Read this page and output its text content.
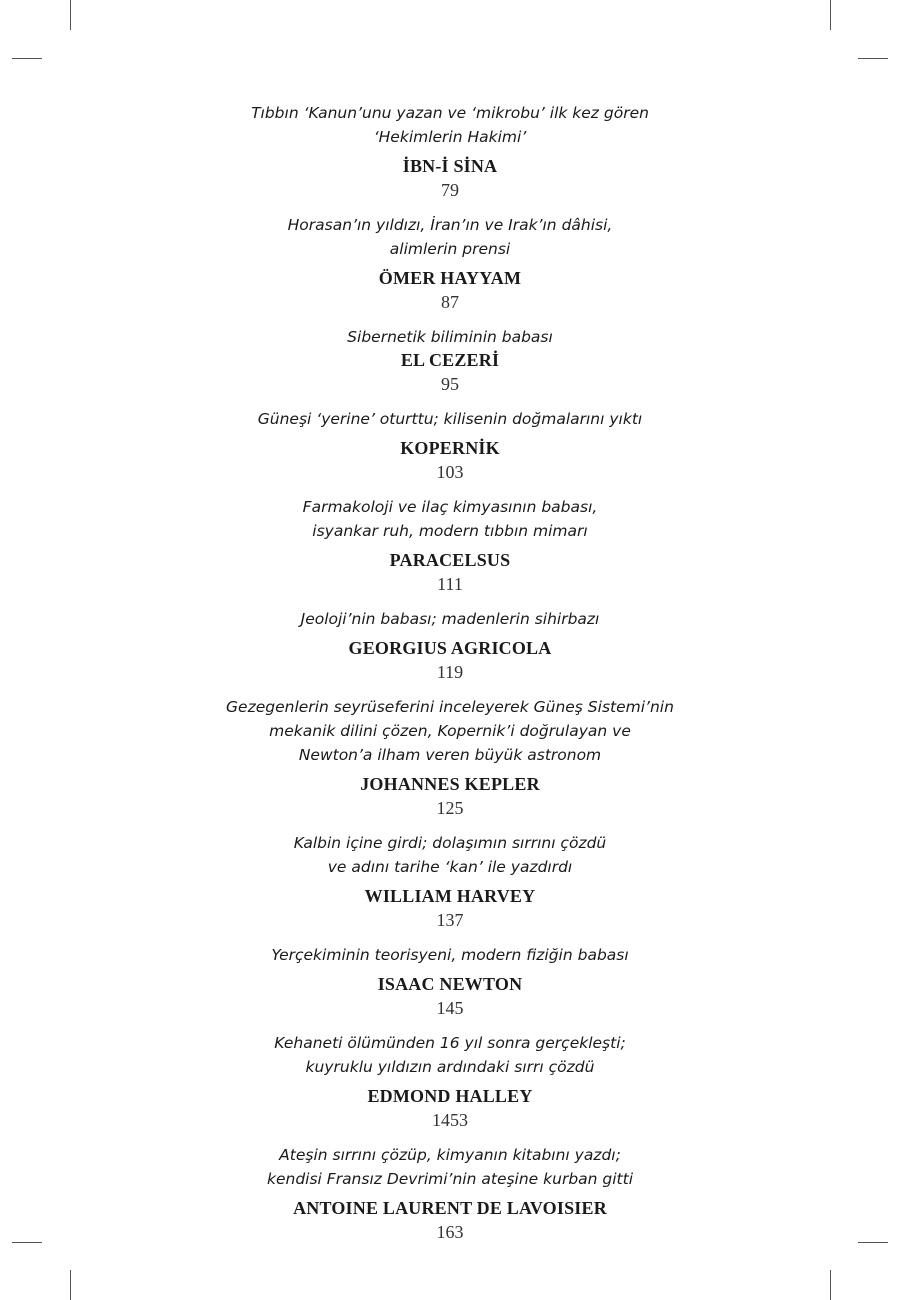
Tıbbın ‘Kanun’unu yazan ve ‘mikrobu’ ilk kez gören
‘Hekimlerin Hakimi’

İBN-İ SİNA
79

Horasan’ın yıldızı, İran’ın ve Irak’ın dâhisi,
alimlerin prensi

ÖMER HAYYAM
87

Sibernetik biliminin babası

EL CEZERİ
95

Güneşi ‘yerine’ oturttu; kilisenin doğmalarını yıktı

KOPERNİK
103

Farmakoloji ve ilaç kimyasının babası,
isyankar ruh, modern tıbbın mimarı

PARACELSUS
111

Jeoloji’nin babası; madenlerin sihirbazı

GEORGIUS AGRICOLA
119

Gezegenlerin seyrüseferini inceleyerek Güneş Sistemi’nin
mekanik dilini çözen, Kopernik’i doğrulayan ve
Newton’a ilham veren büyük astronom

JOHANNES KEPLER
125

Kalbin içine girdi; dolaşımın sırrını çözdü
ve adını tarihe ‘kan’ ile yazdırdı

WILLIAM HARVEY
137

Yerçekiminin teorisyeni, modern fiziğin babası

ISAAC NEWTON
145

Kehaneti ölümünden 16 yıl sonra gerçekleşti;
kuyruklu yıldızın ardındaki sırrı çözdü

EDMOND HALLEY
1453

Ateşin sırrını çözüp, kimyanın kitabını yazdı;
kendisi Fransız Devrimi’nin ateşine kurban gitti

ANTOINE LAURENT DE LAVOISIER
163
